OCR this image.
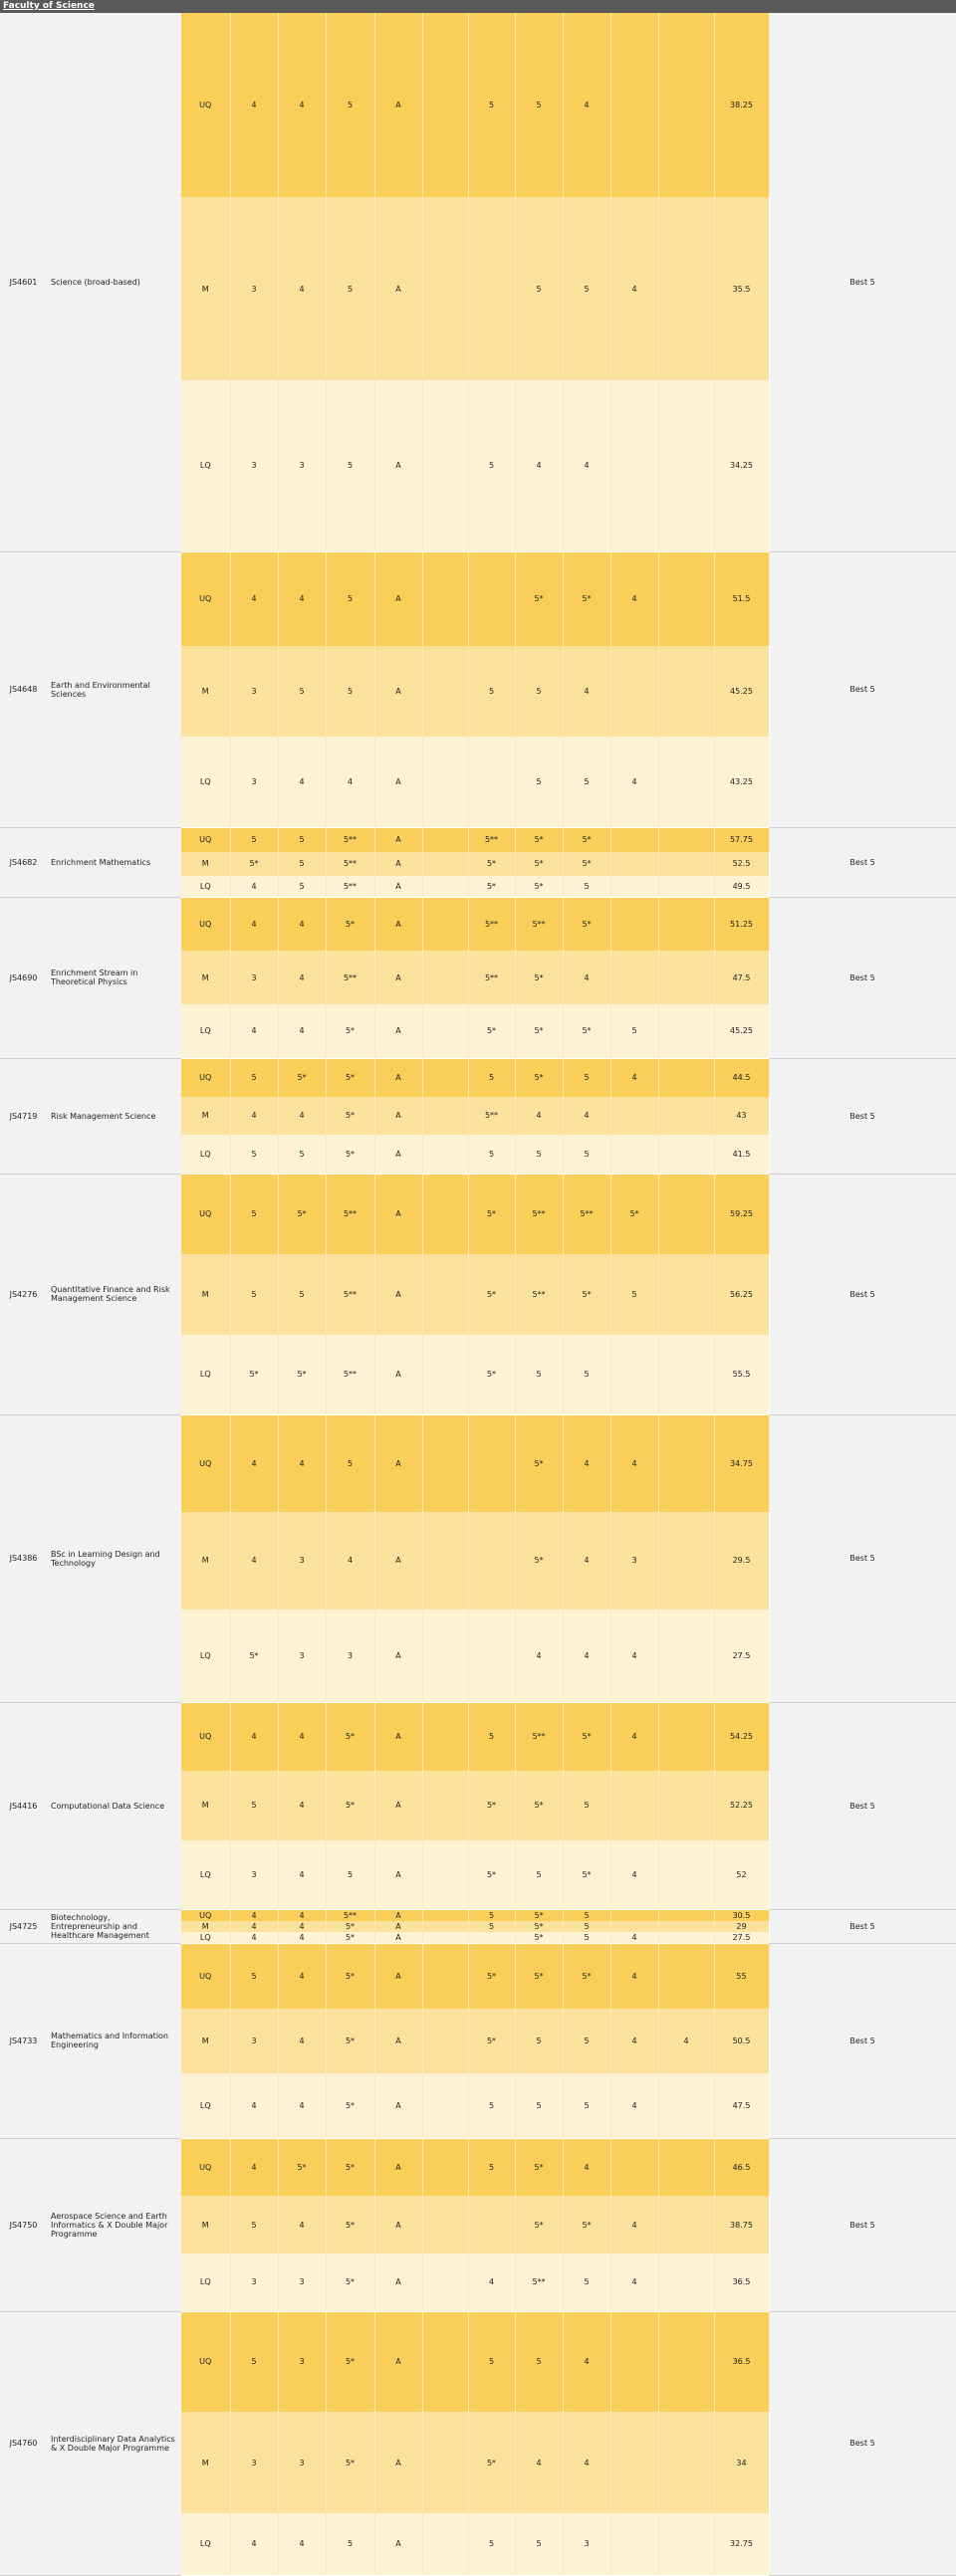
Faculty of Science															
JS4601	Science (broad-based)	UQ	4	4	5	A		5	5	4			38.25	Best 5	

		M	3	4	5	A			5	5	4		35.5		
		LQ	3	3	5	A		5	4	4			34.25		
JS4648	Earth and Environmental Sciences	UQ	4	4	5	A			5*	5*	4		51.5	Best 5	

		M	3	5	5	A		5	5	4			45.25		
		LQ	3	4	4	A			5	5	4		43.25		
JS4682	Enrichment Mathematics	UQ	5	5	5**	A		5**	5*	5*			57.75	Best 5	

		M	5*	5	5**	A		5*	5*	5*			52.5		
		LQ	4	5	5**	A		5*	5*	5			49.5		
JS4690	Enrichment Stream in Theoretical Physics	UQ	4	4	5*	A		5**	5**	5*			51.25	Best 5	

		M	3	4	5**	A		5**	5*	4			47.5		
		LQ	4	4	5*	A		5*	5*	5*	5		45.25		
JS4719	Risk Management Science	UQ	5	5*	5*	A		5	5*	5	4		44.5	Best 5	

		M	4	4	5*	A		5**	4	4			43		
		LQ	5	5	5*	A		5	5	5			41.5		
JS4276	Quantitative Finance and Risk Management Science	UQ	5	5*	5**	A		5*	5**	5**	5*		59.25	Best 5	

		M	5	5	5**	A		5*	5**	5*	5		56.25		
		LQ	5*	5*	5**	A		5*	5	5			55.5		
JS4386	BSc in Learning Design and Technology	UQ	4	4	5	A			5*	4	4		34.75	Best 5	

		M	4	3	4	A			5*	4	3		29.5		
		LQ	5*	3	3	A			4	4	4		27.5		
JS4416	Computational Data Science	UQ	4	4	5*	A		5	5**	5*	4		54.25	Best 5	

		M	5	4	5*	A		5*	5*	5			52.25		
		LQ	3	4	5	A		5*	5	5*	4		52		
JS4725	Biotechnology, Entrepreneurship and Healthcare Management	UQ	4	4	5**	A		5	5*	5			30.5	Best 5	

		M	4	4	5*	A		5	5*	5			29		
		LQ	4	4	5*	A			5*	5	4		27.5		
JS4733	Mathematics and Information Engineering	UQ	5	4	5*	A		5*	5*	5*	4		55	Best 5	

		M	3	4	5*	A		5*	5	5	4	4	50.5		
		LQ	4	4	5*	A		5	5	5	4		47.5		
JS4750	Aerospace Science and Earth Informatics & X Double Major Programme	UQ	4	5*	5*	A		5	5*	4			46.5	Best 5	

		M	5	4	5*	A			5*	5*	4		38.75		
		LQ	3	3	5*	A		4	5**	5	4		36.5		
JS4760	Interdisciplinary Data Analytics & X Double Major Programme	UQ	5	3	5*	A		5	5	4			36.5	Best 5	

		M	3	3	5*	A		5*	4	4			34		
		LQ	4	4	5	A		5	5	3			32.75		
